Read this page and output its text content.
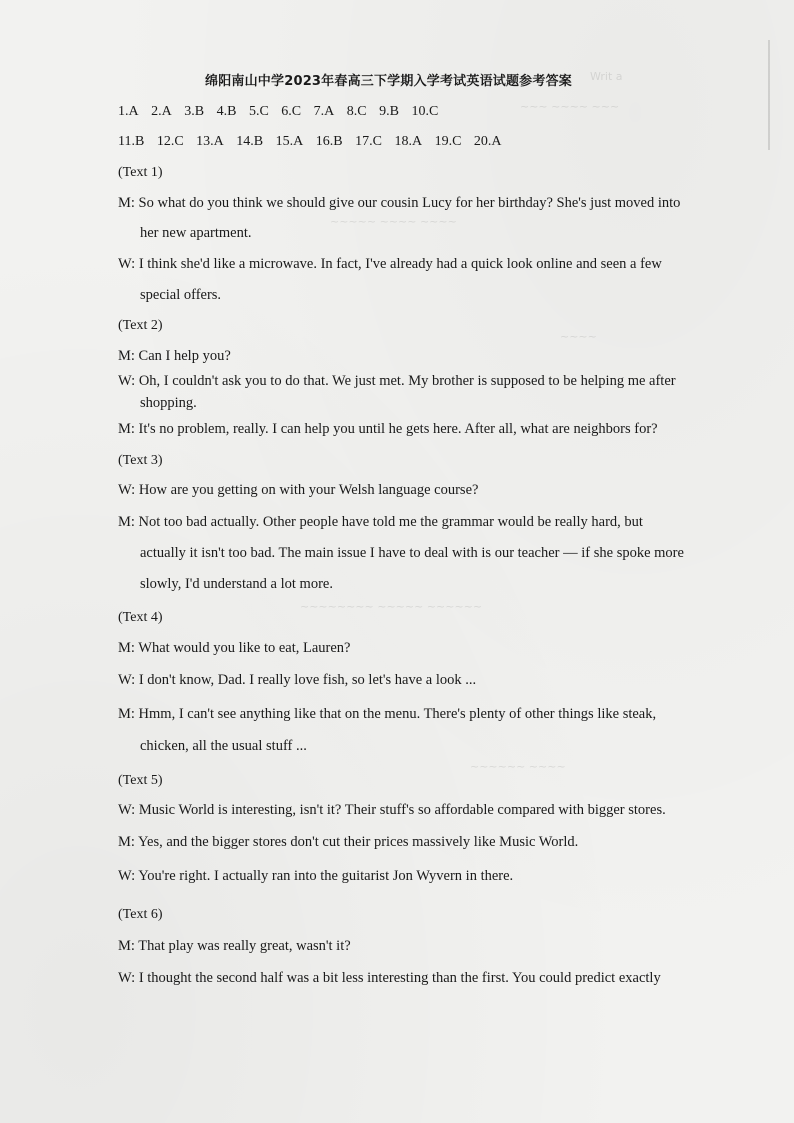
Writ a
~~~ ~~~~ ~~~
~~~~~ ~~~~ ~~~~
~~~~
~~~~~~~~ ~~~~~ ~~~~~~
~~~~~~ ~~~~
绵阳南山中学2023年春高三下学期入学考试英语试题参考答案
1.A 2.A 3.B 4.B 5.C 6.C 7.A 8.C 9.B 10.C
11.B 12.C 13.A 14.B 15.A 16.B 17.C 18.A 19.C 20.A
(Text 1)
M: So what do you think we should give our cousin Lucy for her birthday? She's just moved into
her new apartment.
W: I think she'd like a microwave. In fact, I've already had a quick look online and seen a few
special offers.
(Text 2)
M: Can I help you?
W: Oh, I couldn't ask you to do that. We just met. My brother is supposed to be helping me after
shopping.
M: It's no problem, really. I can help you until he gets here. After all, what are neighbors for?
(Text 3)
W: How are you getting on with your Welsh language course?
M: Not too bad actually. Other people have told me the grammar would be really hard, but
actually it isn't too bad. The main issue I have to deal with is our teacher — if she spoke more
slowly, I'd understand a lot more.
(Text 4)
M: What would you like to eat, Lauren?
W: I don't know, Dad. I really love fish, so let's have a look ...
M: Hmm, I can't see anything like that on the menu. There's plenty of other things like steak,
chicken, all the usual stuff ...
(Text 5)
W: Music World is interesting, isn't it? Their stuff's so affordable compared with bigger stores.
M: Yes, and the bigger stores don't cut their prices massively like Music World.
W: You're right. I actually ran into the guitarist Jon Wyvern in there.
(Text 6)
M: That play was really great, wasn't it?
W: I thought the second half was a bit less interesting than the first. You could predict exactly
